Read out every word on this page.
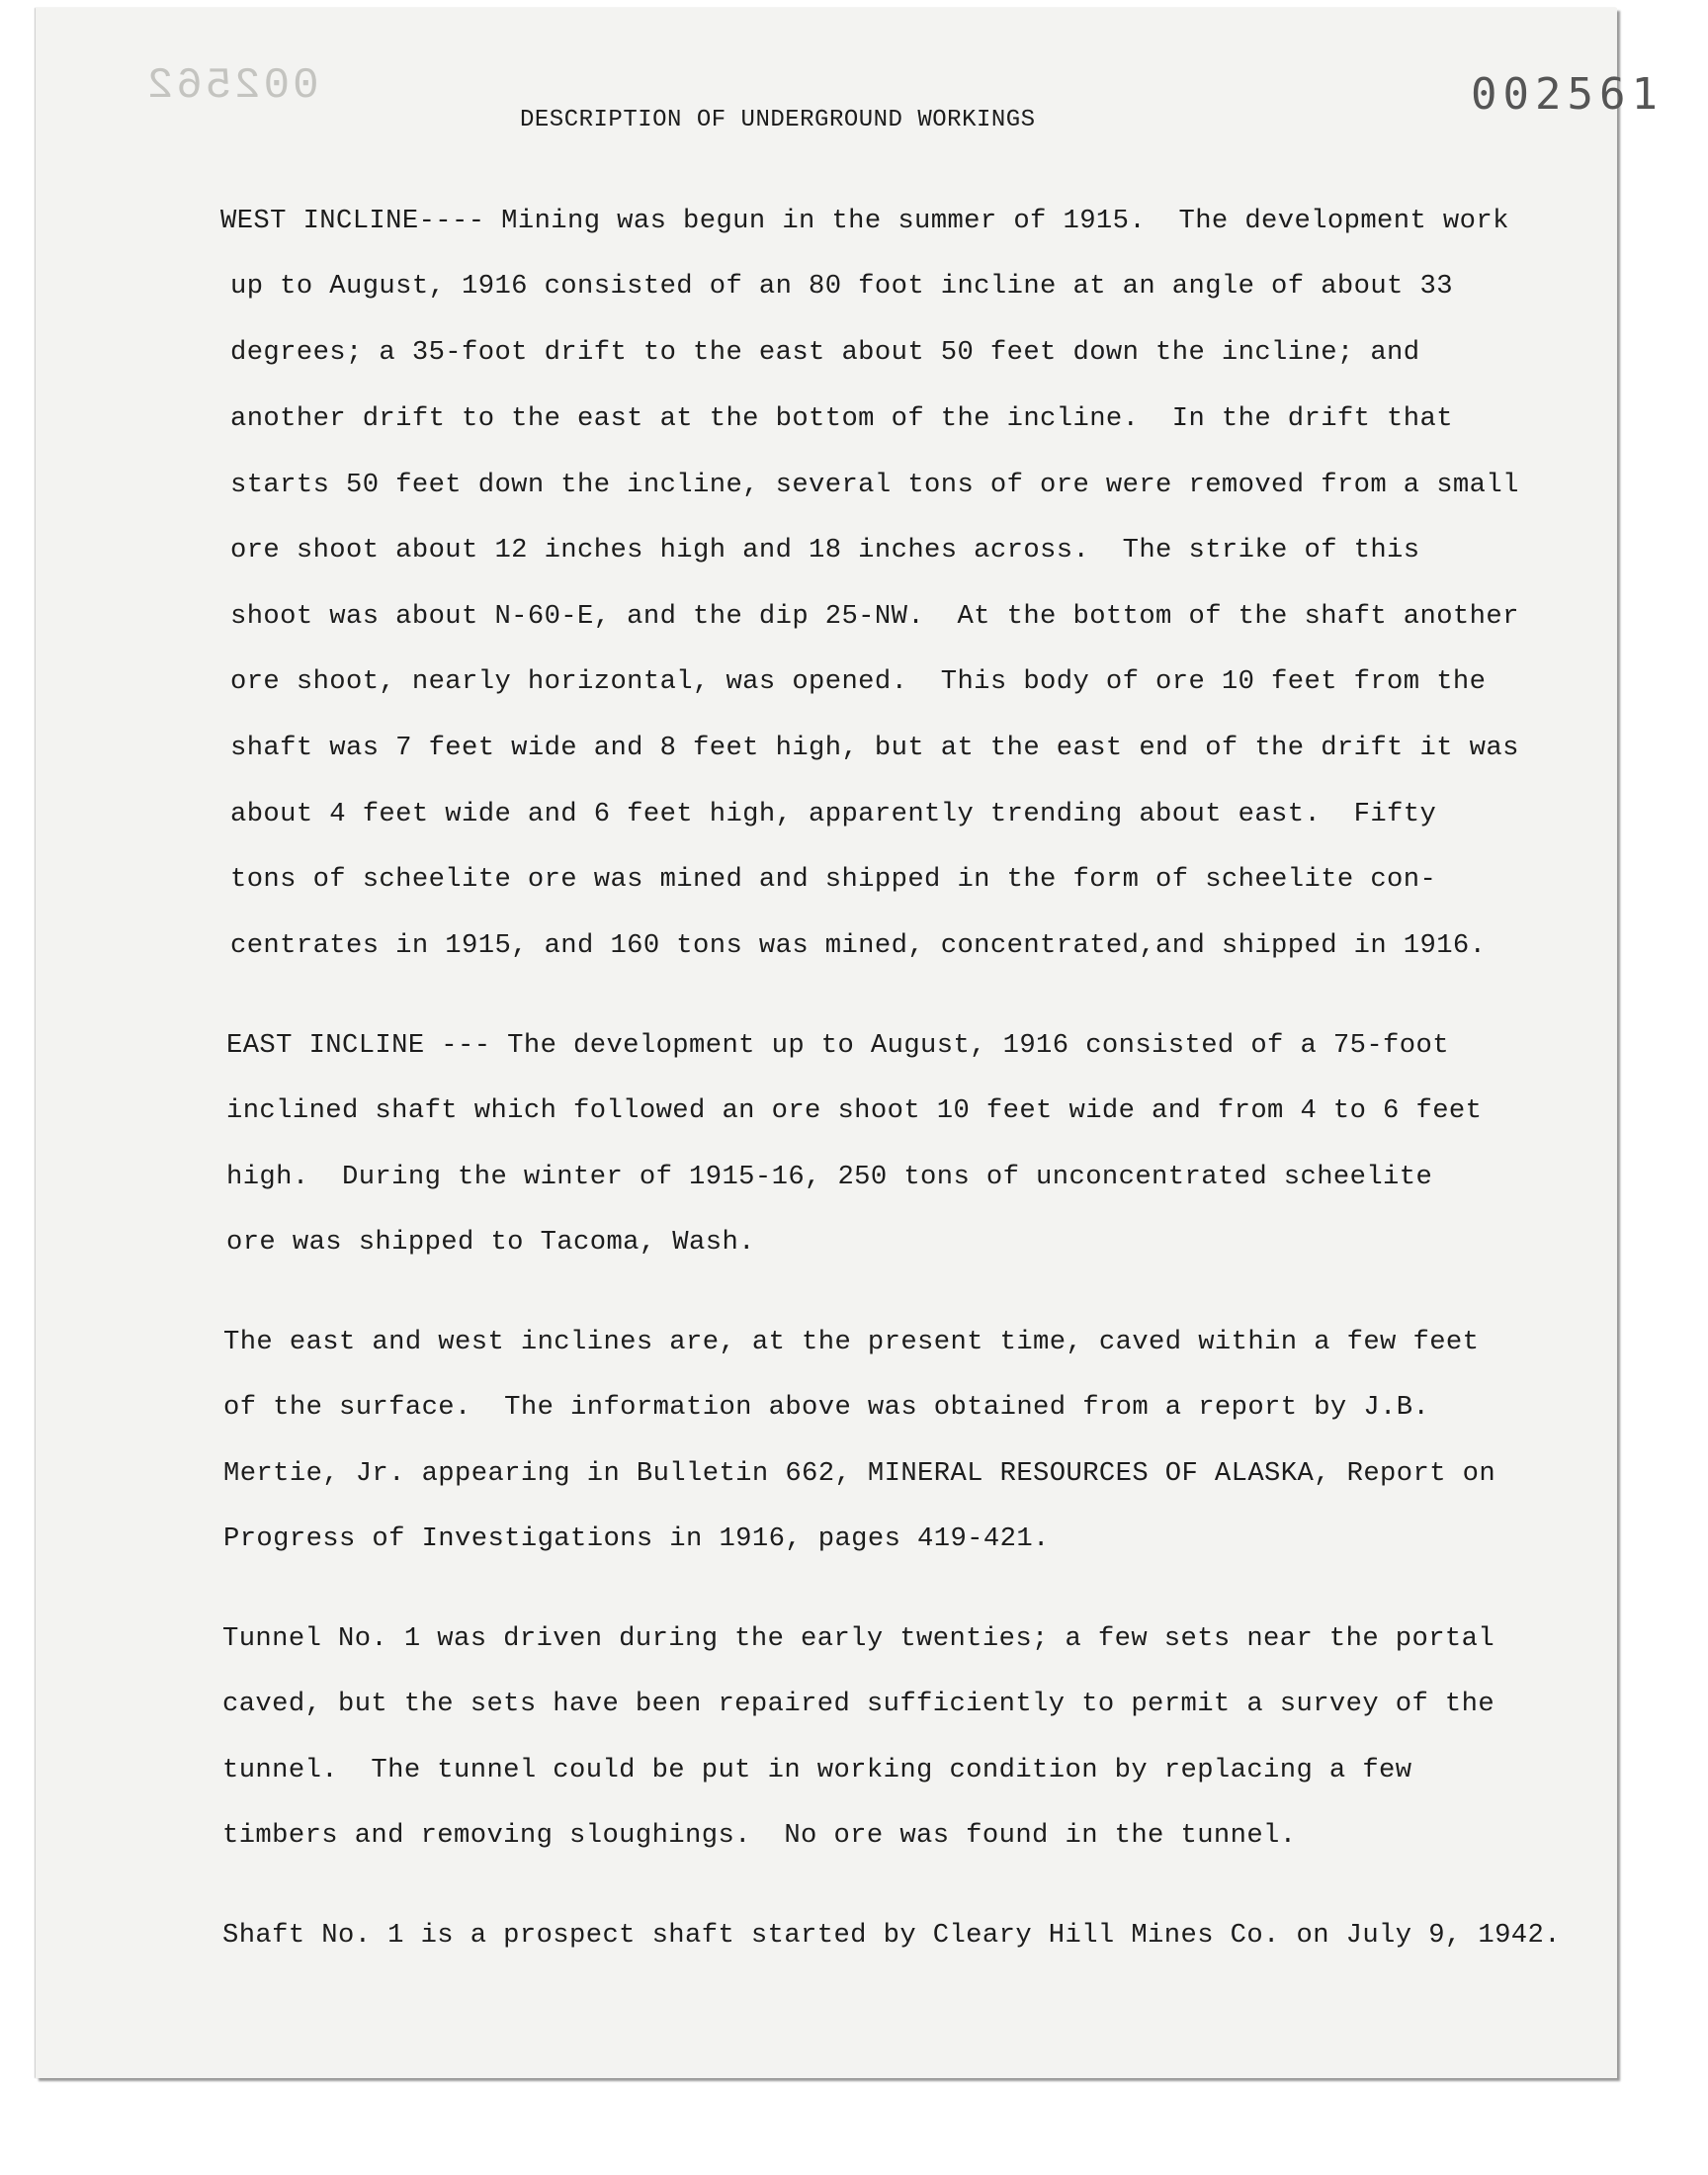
002562	002561
DESCRIPTION OF UNDERGROUND WORKINGS
WEST INCLINE---- Mining was begun in the summer of 1915.  The development work
up to August, 1916 consisted of an 80 foot incline at an angle of about 33
degrees; a 35-foot drift to the east about 50 feet down the incline; and
another drift to the east at the bottom of the incline.  In the drift that
starts 50 feet down the incline, several tons of ore were removed from a small
ore shoot about 12 inches high and 18 inches across.  The strike of this
shoot was about N-60-E, and the dip 25-NW.  At the bottom of the shaft another
ore shoot, nearly horizontal, was opened.  This body of ore 10 feet from the
shaft was 7 feet wide and 8 feet high, but at the east end of the drift it was
about 4 feet wide and 6 feet high, apparently trending about east.  Fifty
tons of scheelite ore was mined and shipped in the form of scheelite con-
centrates in 1915, and 160 tons was mined, concentrated,and shipped in 1916.
EAST INCLINE --- The development up to August, 1916 consisted of a 75-foot
inclined shaft which followed an ore shoot 10 feet wide and from 4 to 6 feet
high.  During the winter of 1915-16, 250 tons of unconcentrated scheelite
ore was shipped to Tacoma, Wash.
The east and west inclines are, at the present time, caved within a few feet
of the surface.  The information above was obtained from a report by J.B.
Mertie, Jr. appearing in Bulletin 662, MINERAL RESOURCES OF ALASKA, Report on
Progress of Investigations in 1916, pages 419-421.
Tunnel No. 1 was driven during the early twenties; a few sets near the portal
caved, but the sets have been repaired sufficiently to permit a survey of the
tunnel.  The tunnel could be put in working condition by replacing a few
timbers and removing sloughings.  No ore was found in the tunnel.
Shaft No. 1 is a prospect shaft started by Cleary Hill Mines Co. on July 9, 1942.
